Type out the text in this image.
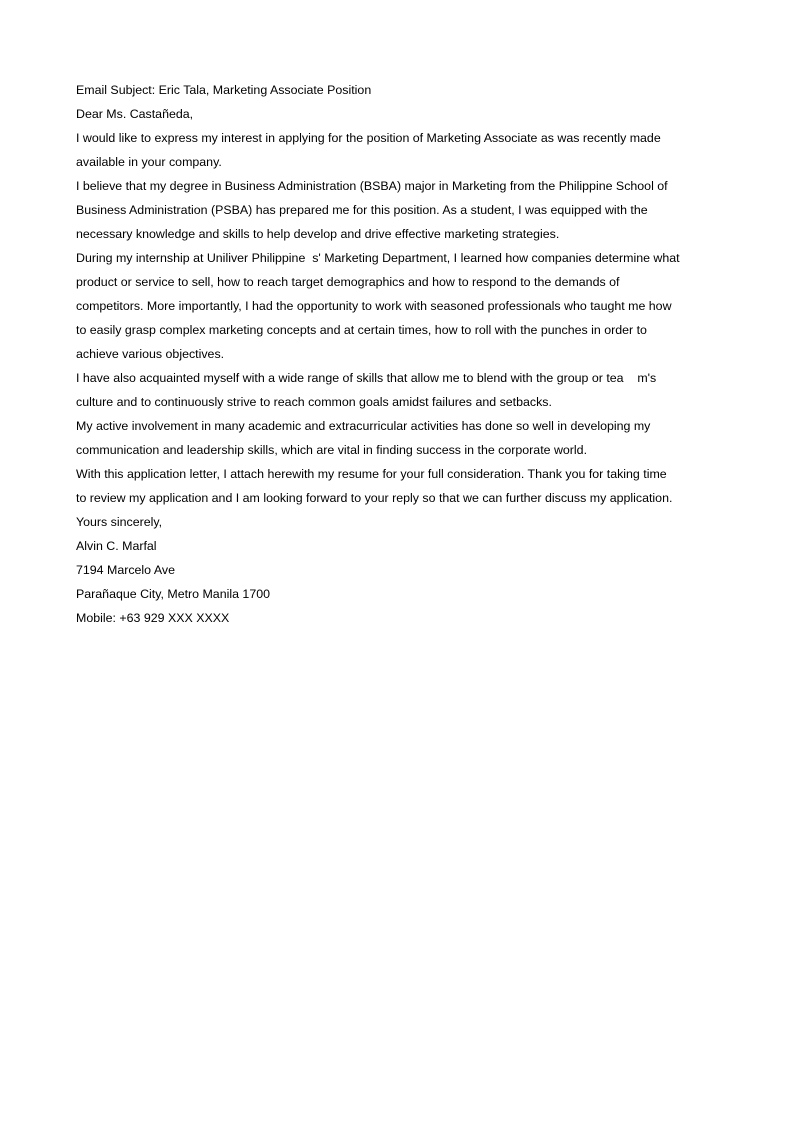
Email Subject: Eric Tala, Marketing Associate Position
Dear Ms. Castañeda,
I would like to express my interest in applying for the position of Marketing Associate as was recently made
available in your company.
I believe that my degree in Business Administration (BSBA) major in Marketing from the Philippine School of
Business Administration (PSBA) has prepared me for this position. As a student, I was equipped with the
necessary knowledge and skills to help develop and drive effective marketing strategies.
During my internship at Uniliver Philippine  s' Marketing Department, I learned how companies determine what
product or service to sell, how to reach target demographics and how to respond to the demands of
competitors. More importantly, I had the opportunity to work with seasoned professionals who taught me how
to easily grasp complex marketing concepts and at certain times, how to roll with the punches in order to
achieve various objectives.
I have also acquainted myself with a wide range of skills that allow me to blend with the group or tea    m's
culture and to continuously strive to reach common goals amidst failures and setbacks.
My active involvement in many academic and extracurricular activities has done so well in developing my
communication and leadership skills, which are vital in finding success in the corporate world.
With this application letter, I attach herewith my resume for your full consideration. Thank you for taking time
to review my application and I am looking forward to your reply so that we can further discuss my application.
Yours sincerely,
Alvin C. Marfal
7194 Marcelo Ave
Parañaque City, Metro Manila 1700
Mobile: +63 929 XXX XXXX
